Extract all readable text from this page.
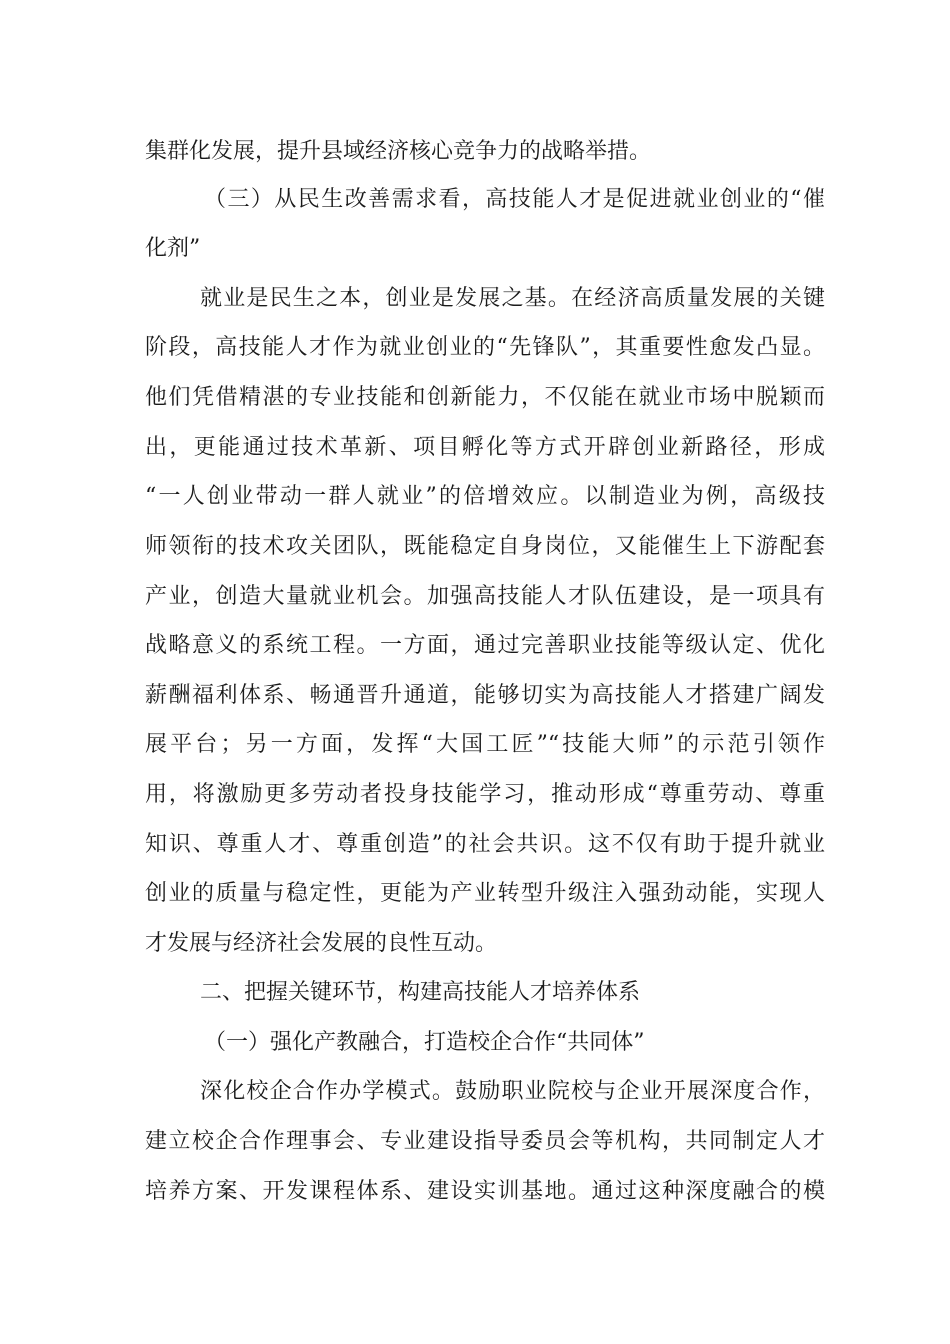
集群化发展，提升县域经济核心竞争力的战略举措。
（三）从民生改善需求看，高技能人才是促进就业创业的“催
化剂”
就业是民生之本，创业是发展之基。在经济高质量发展的关键
阶段，高技能人才作为就业创业的“先锋队”，其重要性愈发凸显。
他们凭借精湛的专业技能和创新能力，不仅能在就业市场中脱颖而
出，更能通过技术革新、项目孵化等方式开辟创业新路径，形成
“一人创业带动一群人就业”的倍增效应。以制造业为例，高级技
师领衔的技术攻关团队，既能稳定自身岗位，又能催生上下游配套
产业，创造大量就业机会。加强高技能人才队伍建设，是一项具有
战略意义的系统工程。一方面，通过完善职业技能等级认定、优化
薪酬福利体系、畅通晋升通道，能够切实为高技能人才搭建广阔发
展平台；另一方面，发挥“大国工匠”“技能大师”的示范引领作
用，将激励更多劳动者投身技能学习，推动形成“尊重劳动、尊重
知识、尊重人才、尊重创造”的社会共识。这不仅有助于提升就业
创业的质量与稳定性，更能为产业转型升级注入强劲动能，实现人
才发展与经济社会发展的良性互动。
二、把握关键环节，构建高技能人才培养体系
（一）强化产教融合，打造校企合作“共同体”
深化校企合作办学模式。鼓励职业院校与企业开展深度合作，
建立校企合作理事会、专业建设指导委员会等机构，共同制定人才
培养方案、开发课程体系、建设实训基地。通过这种深度融合的模
